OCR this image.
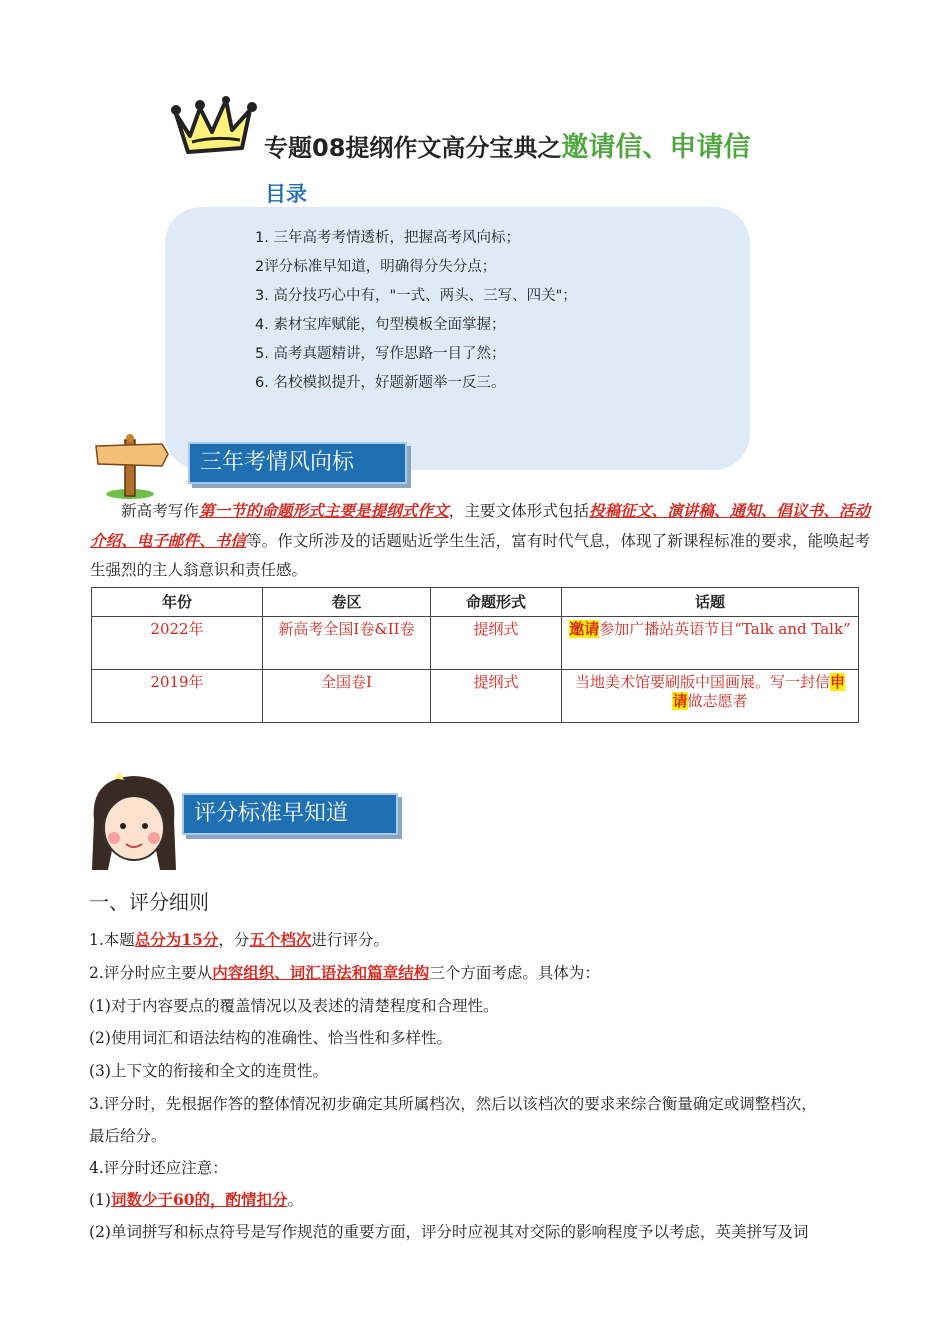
专题08提纲作文高分宝典之邀请信、申请信
目录
1. 三年高考考情透析，把握高考风向标；
2评分标准早知道，明确得分失分点；
3. 高分技巧心中有，"一式、两头、三写、四关"；
4. 素材宝库赋能，句型模板全面掌握；
5. 高考真题精讲，写作思路一目了然；
6. 名校模拟提升，好题新题举一反三。
三年考情风向标
新高考写作第一节的命题形式主要是提纲式作文，主要文体形式包括投稿征文、演讲稿、通知、倡议书、活动介绍、电子邮件、书信等。作文所涉及的话题贴近学生生活，富有时代气息，体现了新课程标准的要求，能唤起考生强烈的主人翁意识和责任感。
年份	卷区	命题形式	话题
2022年	新高考全国I卷&II卷	提纲式	邀请参加广播站英语节目“Talk and Talk”
2019年	全国卷I	提纲式	当地美术馆要刷版中国画展。写一封信申请做志愿者
评分标准早知道
一、评分细则
1.本题总分为15分，分五个档次进行评分。
2.评分时应主要从内容组织、词汇语法和篇章结构三个方面考虑。具体为：
(1)对于内容要点的覆盖情况以及表述的清楚程度和合理性。
(2)使用词汇和语法结构的准确性、恰当性和多样性。
(3)上下文的衔接和全文的连贯性。
3.评分时，先根据作答的整体情况初步确定其所属档次，然后以该档次的要求来综合衡量确定或调整档次，
最后给分。
4.评分时还应注意：
(1)词数少于60的，酌情扣分。
(2)单词拼写和标点符号是写作规范的重要方面，评分时应视其对交际的影响程度予以考虑，英美拼写及词
